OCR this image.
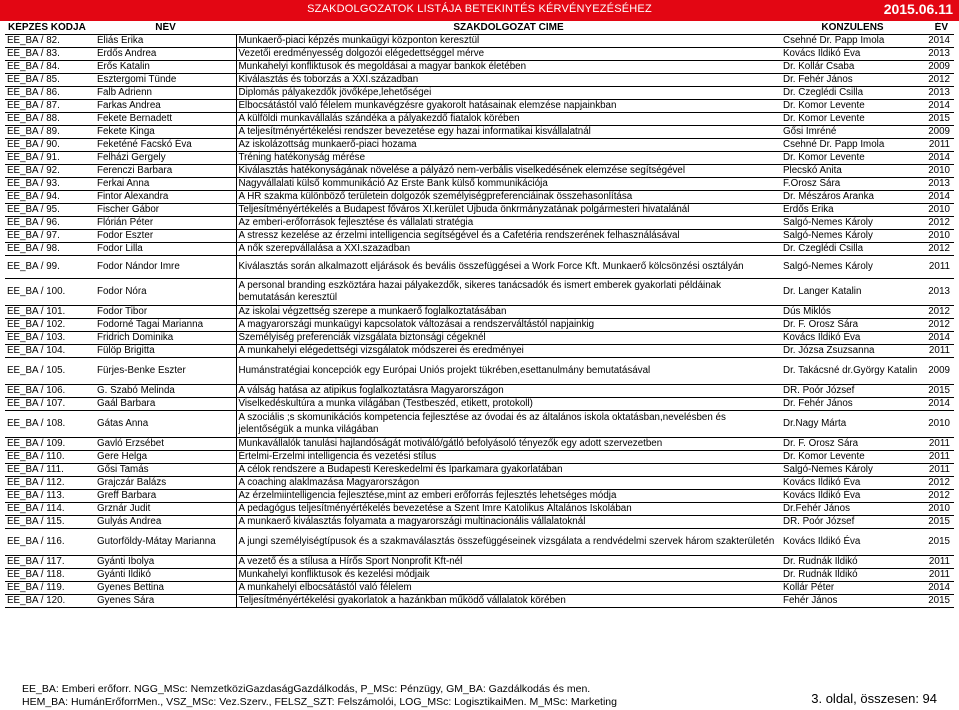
SZAKDOLGOZATOK LISTÁJA BETEKINTÉS KÉRVÉNYEZÉSÉHEZ	2015.06.11
KÉPZÉS KÓDJA	NÉV	SZAKDOLGOZAT CÍME	KONZULENS	ÉV
EE_BA / 82.	Éliás Erika	Munkaerő-piaci képzés munkaügyi központon keresztül	Csehné Dr. Papp Imola	2014
EE_BA / 83.	Erdős Andrea	Vezetői eredményesség dolgozói elégedettséggel mérve	Kovács Ildikó Éva	2013
EE_BA / 84.	Erős Katalin	Munkahelyi konfliktusok és megoldásai a magyar bankok életében	Dr. Kollár Csaba	2009
EE_BA / 85.	Esztergomi Tünde	Kiválasztás és toborzás a XXI.században	Dr. Fehér János	2012
EE_BA / 86.	Falb Adrienn	Diplomás pályakezdők jövőképe,lehetőségei	Dr. Czeglédi Csilla	2013
EE_BA / 87.	Farkas Andrea	Elbocsátástól való félelem munkavégzésre gyakorolt hatásainak elemzése napjainkban	Dr. Komor Levente	2014
EE_BA / 88.	Fekete Bernadett	A külföldi munkavállalás szándéka a pályakezdő fiatalok körében	Dr. Komor Levente	2015
EE_BA / 89.	Fekete Kinga	A teljesítményértékelési rendszer bevezetése egy hazai informatikai kisvállalatnál	Gősi Imréné	2009
EE_BA / 90.	Feketéné Facskó Éva	Az iskolázottság munkaerő-piaci hozama	Csehné Dr. Papp Imola	2011
EE_BA / 91.	Felházi Gergely	Tréning hatékonyság mérése	Dr. Komor Levente	2014
EE_BA / 92.	Ferenczi Barbara	Kiválasztás hatékonyságának növelése a pályázó nem-verbális viselkedésének elemzése segítségével	Plecskó Anita	2010
EE_BA / 93.	Ferkai Anna	Nagyvállalati külső kommunikáció Az Erste Bank külső kommunikációja	F.Orosz Sára	2013
EE_BA / 94.	Fintor Alexandra	A HR szakma különböző területein dolgozók személyiségpreferenciáinak összehasonlítása	Dr. Mészáros Aranka	2014
EE_BA / 95.	Fischer Gábor	Teljesítményértékelés a Budapest főváros XI.kerület Újbuda önkrmányzatának polgármesteri hivatalánál	Erdős Erika	2010
EE_BA / 96.	Flórián Péter	Az emberi-erőforrások fejlesztése és vállalati stratégia	Salgó-Nemes Károly	2012
EE_BA / 97.	Fodor Eszter	A stressz kezelése az érzelmi intelligencia segítségével és a Cafetéria rendszerének felhasználásával	Salgó-Nemes Károly	2010
EE_BA / 98.	Fodor Lilla	A nők szerepvállalása a XXI.szazadban	Dr. Czeglédi Csilla	2012
EE_BA / 99.	Fodor Nándor Imre	Kiválasztás során alkalmazott eljárások és bevális összefüggései a Work Force Kft. Munkaerő kölcsönzési osztályán	Salgó-Nemes Károly	2011
EE_BA / 100.	Fodor Nóra	A personal branding eszköztára hazai pályakezdők, sikeres tanácsadók és ismert emberek gyakorlati példáinak bemutatásán keresztül	Dr. Langer Katalin	2013
EE_BA / 101.	Fodor Tibor	Az iskolai végzettség szerepe a munkaerő foglalkoztatásában	Dús Miklós	2012
EE_BA / 102.	Fodorné Tagai Marianna	A magyarországi munkaügyi kapcsolatok változásai a rendszerváltástól napjainkig	Dr. F. Orosz Sára	2012
EE_BA / 103.	Fridrich Dominika	Személyiség preferenciák vizsgálata biztonsági cégeknél	Kovács Ildikó Éva	2014
EE_BA / 104.	Fülöp Brigitta	A munkahelyi elégedettségi vizsgálatok módszerei és eredményei	Dr. Józsa Zsuzsanna	2011
EE_BA / 105.	Fürjes-Benke Eszter	Humánstratégiai koncepciók egy Európai Uniós projekt tükrében,esettanulmány bemutatásával	Dr. Takácsné dr.György Katalin	2009
EE_BA / 106.	G. Szabó Melinda	A válság hatása az atipikus foglalkoztatásra Magyarországon	DR. Poór József	2015
EE_BA / 107.	Gaál Barbara	Viselkedéskultúra a munka világában (Testbeszéd, etikett, protokoll)	Dr. Fehér János	2014
EE_BA / 108.	Gátas Anna	A szociális ;s skomunikációs kompetencia fejlesztése az óvodai és az általános iskola oktatásban,nevelésben és jelentőségük a munka világában	Dr.Nagy Márta	2010
EE_BA / 109.	Gavló Erzsébet	Munkavállalók tanulási hajlandóságát motiváló/gátló befolyásoló tényezők egy adott szervezetben	Dr. F. Orosz Sára	2011
EE_BA / 110.	Gere Helga	Értelmi-Érzelmi intelligencia és vezetési stílus	Dr. Komor Levente	2011
EE_BA / 111.	Gősi Tamás	A célok rendszere a Budapesti Kereskedelmi és Iparkamara gyakorlatában	Salgó-Nemes Károly	2011
EE_BA / 112.	Grajczár Balázs	A coaching alaklmazása Magyarországon	Kovács Ildikó Éva	2012
EE_BA / 113.	Greff Barbara	Az érzelmiintelligencia fejlesztése,mint az emberi erőforrás fejlesztés lehetséges módja	Kovács Ildikó Éva	2012
EE_BA / 114.	Grznár Judit	A pedagógus teljesítményértékelés bevezetése a Szent Imre Katolikus Általános Iskolában	Dr.Fehér János	2010
EE_BA / 115.	Gulyás Andrea	A munkaerő kiválasztás folyamata a magyarországi multinacionális vállalatoknál	DR. Poór József	2015
EE_BA / 116.	Gutorföldy-Mátay Marianna	A jungi személyiségtípusok és a szakmaválasztás összefüggéseinek vizsgálata a rendvédelmi szervek három szakterületén	Kovács Ildikó Éva	2015
EE_BA / 117.	Gyánti Ibolya	A vezető és a stílusa a Hírős Sport Nonprofit Kft-nél	Dr. Rudnák Ildikó	2011
EE_BA / 118.	Gyánti Ildikó	Munkahelyi konfliktusok és kezelési módjaik	Dr. Rudnák Ildikó	2011
EE_BA / 119.	Gyenes Bettina	A munkahelyi elbocsátástól való félelem	Kollár Péter	2014
EE_BA / 120.	Gyenes Sára	Teljesítményértékelési gyakorlatok a hazánkban működő vállalatok körében	Fehér János	2015
EE_BA: Emberi erőforr. NGG_MSc: NemzetköziGazdaságGazdálkodás, P_MSc: Pénzügy, GM_BA: Gazdálkodás és men.
HEM_BA: HumánErőforrMen., VSZ_MSc: Vez.Szerv., FELSZ_SZT: Felszámolói, LOG_MSc: LogisztikaiMen. M_MSc: Marketing	3. oldal, összesen: 94
